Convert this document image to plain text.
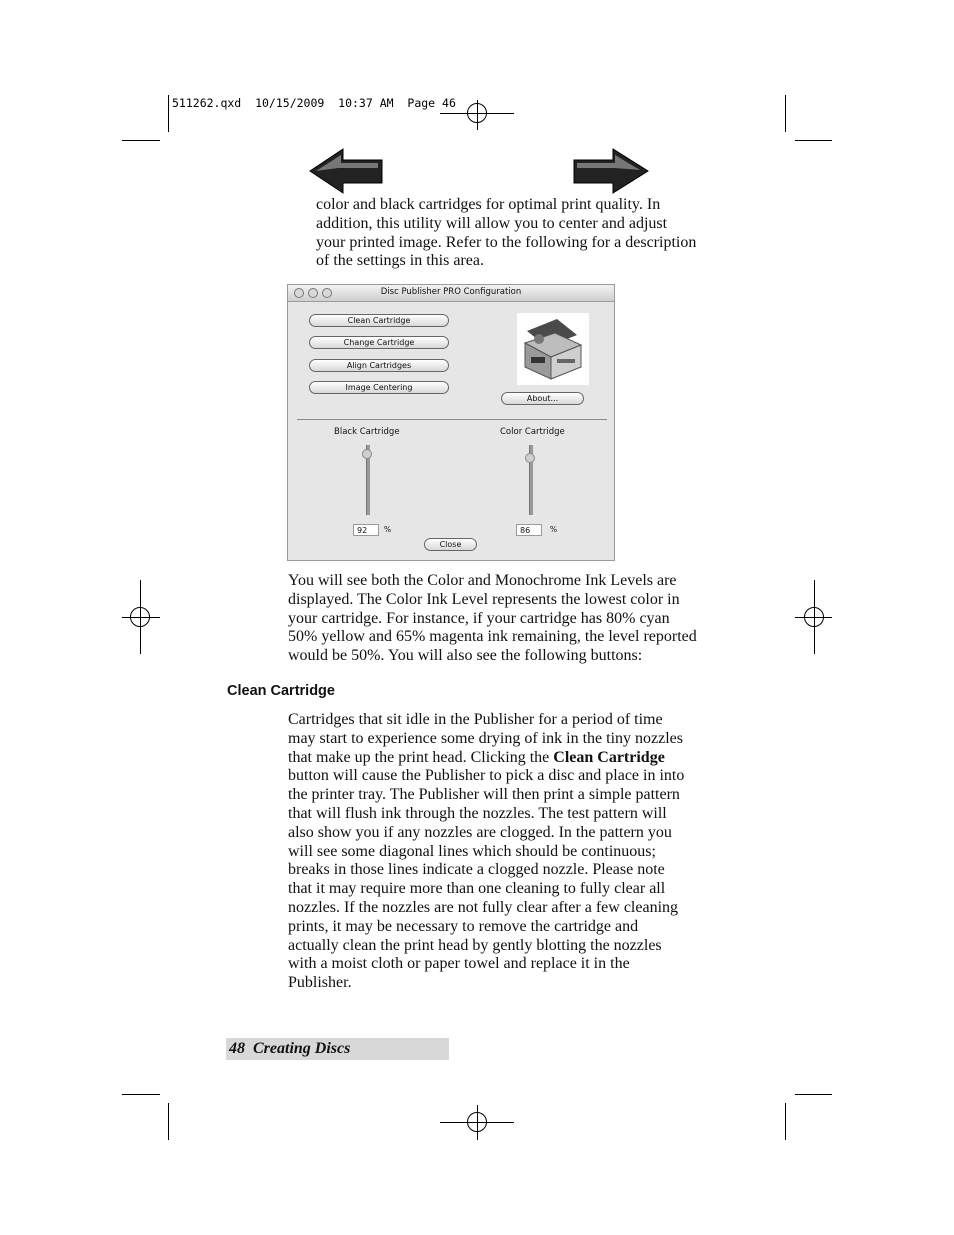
511262.qxd  10/15/2009  10:37 AM  Page 46
color and black cartridges for optimal print quality. In
addition, this utility will allow you to center and adjust
your printed image. Refer to the following for a description
of the settings in this area.
Disc Publisher PRO Configuration
Clean Cartridge
Change Cartridge
Align Cartridges
Image Centering
About...
Black Cartridge
92	%
Color Cartridge
86	%
Close
You will see both the Color and Monochrome Ink Levels are
displayed. The Color Ink Level represents the lowest color in
your cartridge. For instance, if your cartridge has 80% cyan
50% yellow and 65% magenta ink remaining, the level reported
would be 50%. You will also see the following buttons:
Clean Cartridge
Cartridges that sit idle in the Publisher for a period of time
may start to experience some drying of ink in the tiny nozzles
that make up the print head. Clicking the Clean Cartridge
button will cause the Publisher to pick a disc and place in into
the printer tray. The Publisher will then print a simple pattern
that will flush ink through the nozzles. The test pattern will
also show you if any nozzles are clogged. In the pattern you
will see some diagonal lines which should be continuous;
breaks in those lines indicate a clogged nozzle. Please note
that it may require more than one cleaning to fully clear all
nozzles. If the nozzles are not fully clear after a few cleaning
prints, it may be necessary to remove the cartridge and
actually clean the print head by gently blotting the nozzles
with a moist cloth or paper towel and replace it in the
Publisher.
48 Creating Discs
